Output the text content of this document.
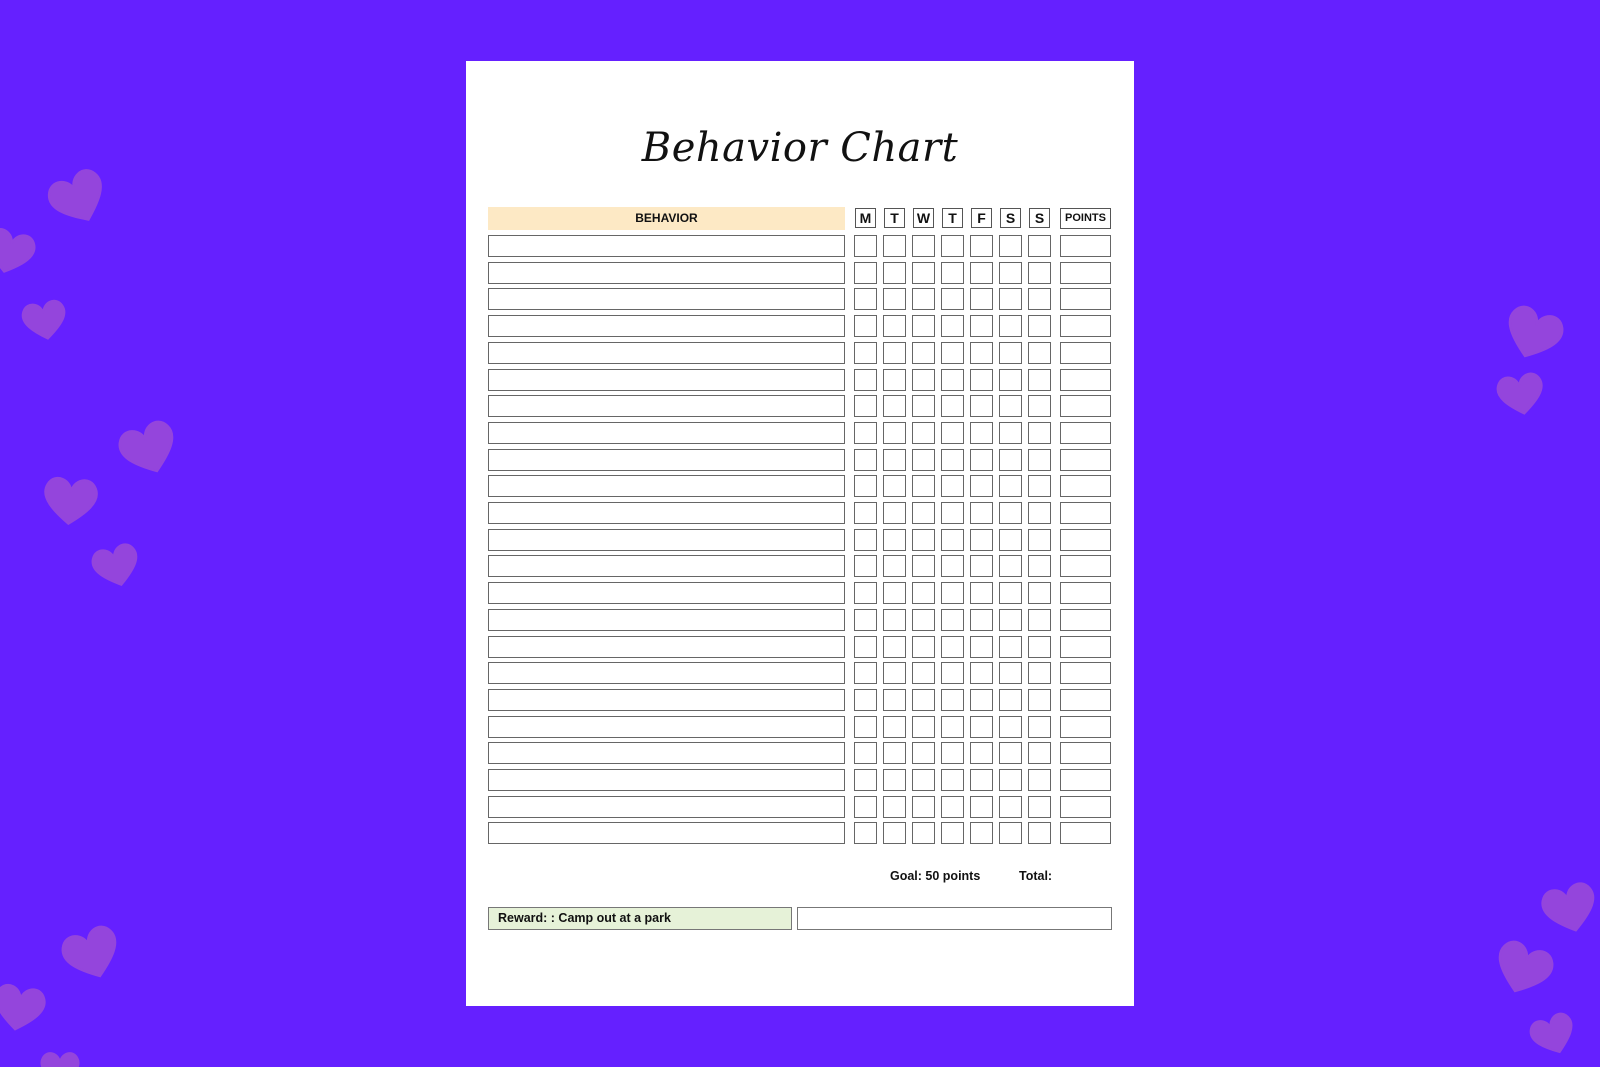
Behavior Chart
BEHAVIOR	M	T	W	T	F	S	S	POINTS
Goal: 50 points	Total:
Reward: : Camp out at a park
